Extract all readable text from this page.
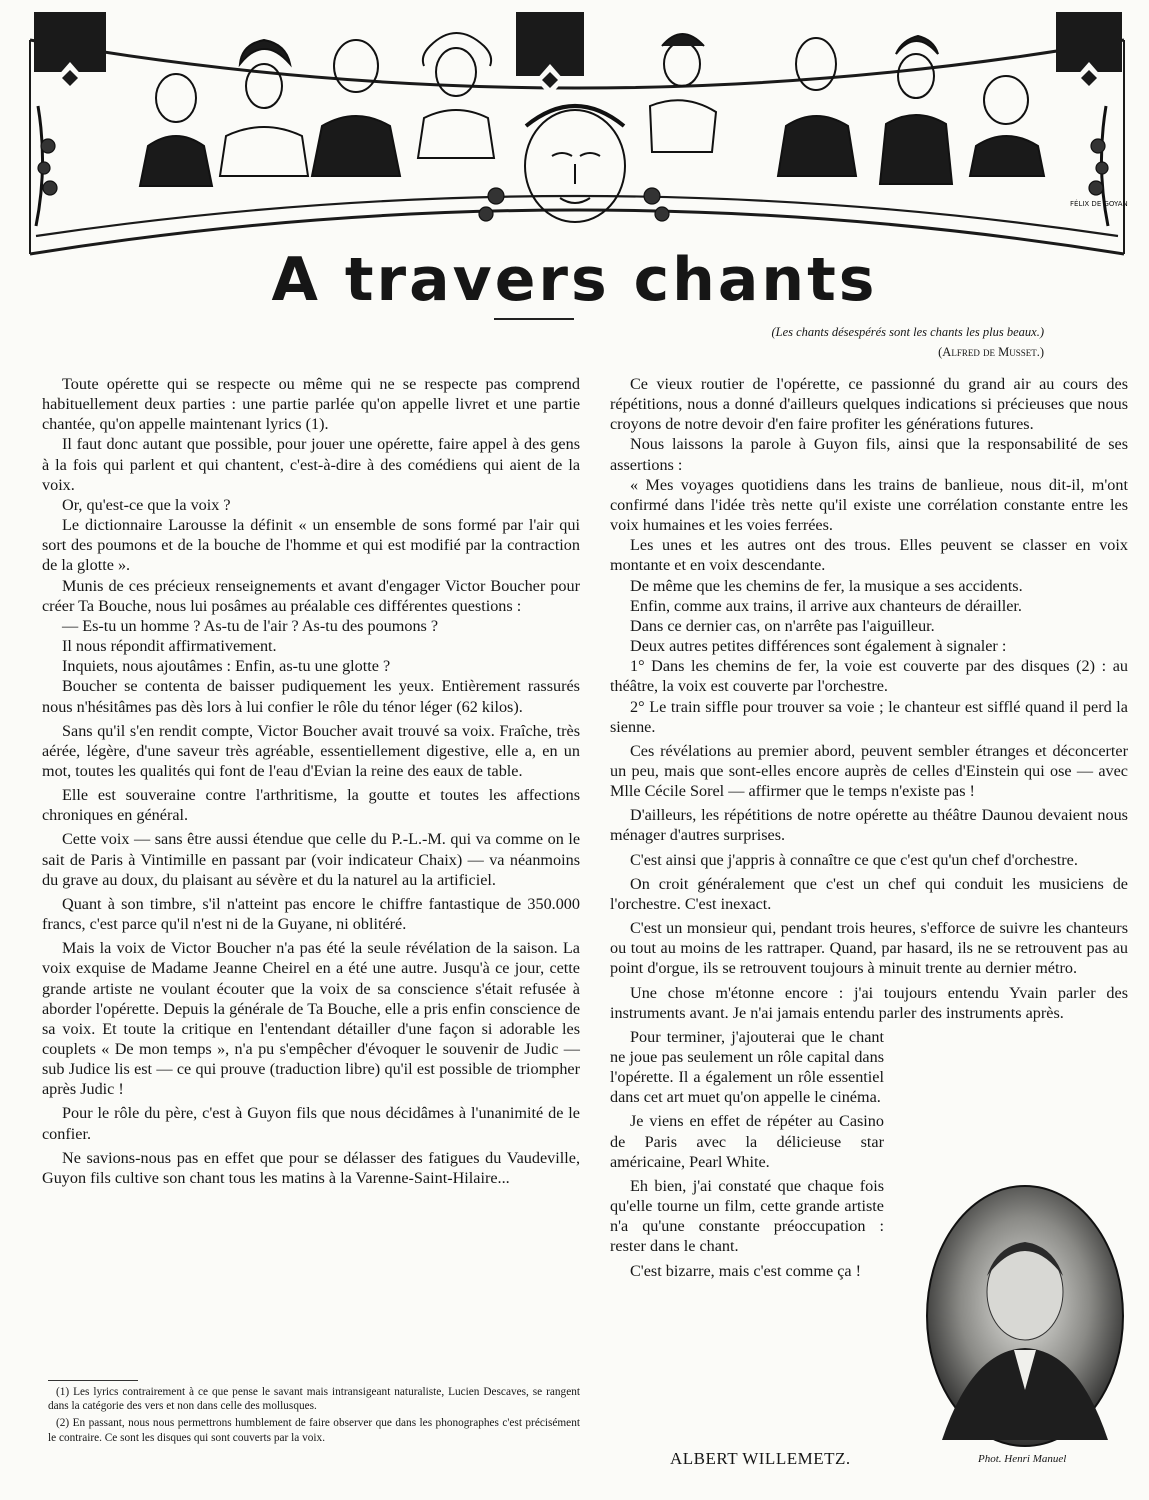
FÉLIX DE GOYAN
A travers chants
(Les chants désespérés sont les chants les plus beaux.)
(Alfred de Musset.)

Toute opérette qui se respecte ou même qui ne se respecte pas comprend habituellement deux parties : une partie parlée qu'on appelle livret et une partie chantée, qu'on appelle maintenant lyrics (1).

Il faut donc autant que possible, pour jouer une opérette, faire appel à des gens à la fois qui parlent et qui chantent, c'est-à-dire à des comédiens qui aient de la voix.

Or, qu'est-ce que la voix ?

Le dictionnaire Larousse la définit « un ensemble de sons formé par l'air qui sort des poumons et de la bouche de l'homme et qui est modifié par la contraction de la glotte ».

Munis de ces précieux renseignements et avant d'engager Victor Boucher pour créer Ta Bouche, nous lui posâmes au préalable ces différentes questions :

— Es-tu un homme ? As-tu de l'air ? As-tu des poumons ?

Il nous répondit affirmativement.

Inquiets, nous ajoutâmes : Enfin, as-tu une glotte ?

Boucher se contenta de baisser pudiquement les yeux. Entièrement rassurés nous n'hésitâmes pas dès lors à lui confier le rôle du ténor léger (62 kilos).

Sans qu'il s'en rendit compte, Victor Boucher avait trouvé sa voix. Fraîche, très aérée, légère, d'une saveur très agréable, essentiellement digestive, elle a, en un mot, toutes les qualités qui font de l'eau d'Evian la reine des eaux de table.

Elle est souveraine contre l'arthritisme, la goutte et toutes les affections chroniques en général.

Cette voix — sans être aussi étendue que celle du P.-L.-M. qui va comme on le sait de Paris à Vintimille en passant par (voir indicateur Chaix) — va néanmoins du grave au doux, du plaisant au sévère et du la naturel au la artificiel.

Quant à son timbre, s'il n'atteint pas encore le chiffre fantastique de 350.000 francs, c'est parce qu'il n'est ni de la Guyane, ni oblitéré.

Mais la voix de Victor Boucher n'a pas été la seule révélation de la saison. La voix exquise de Madame Jeanne Cheirel en a été une autre. Jusqu'à ce jour, cette grande artiste ne voulant écouter que la voix de sa conscience s'était refusée à aborder l'opérette. Depuis la générale de Ta Bouche, elle a pris enfin conscience de sa voix. Et toute la critique en l'entendant détailler d'une façon si adorable les couplets « De mon temps », n'a pu s'empêcher d'évoquer le souvenir de Judic — sub Judice lis est — ce qui prouve (traduction libre) qu'il est possible de triompher après Judic !

Pour le rôle du père, c'est à Guyon fils que nous décidâmes à l'unanimité de le confier.

Ne savions-nous pas en effet que pour se délasser des fatigues du Vaudeville, Guyon fils cultive son chant tous les matins à la Varenne-Saint-Hilaire...

(1) Les lyrics contrairement à ce que pense le savant mais intransigeant naturaliste, Lucien Descaves, se rangent dans la catégorie des vers et non dans celle des mollusques.

(2) En passant, nous nous permettrons humblement de faire observer que dans les phonographes c'est précisément le contraire. Ce sont les disques qui sont couverts par la voix.

Ce vieux routier de l'opérette, ce passionné du grand air au cours des répétitions, nous a donné d'ailleurs quelques indications si précieuses que nous croyons de notre devoir d'en faire profiter les générations futures.

Nous laissons la parole à Guyon fils, ainsi que la responsabilité de ses assertions :

« Mes voyages quotidiens dans les trains de banlieue, nous dit-il, m'ont confirmé dans l'idée très nette qu'il existe une corrélation constante entre les voix humaines et les voies ferrées.

Les unes et les autres ont des trous. Elles peuvent se classer en voix montante et en voix descendante.

De même que les chemins de fer, la musique a ses accidents.

Enfin, comme aux trains, il arrive aux chanteurs de dérailler.

Dans ce dernier cas, on n'arrête pas l'aiguilleur.

Deux autres petites différences sont également à signaler :

1° Dans les chemins de fer, la voie est couverte par des disques (2) : au théâtre, la voix est couverte par l'orchestre.

2° Le train siffle pour trouver sa voie ; le chanteur est sifflé quand il perd la sienne.

Ces révélations au premier abord, peuvent sembler étranges et déconcerter un peu, mais que sont-elles encore auprès de celles d'Einstein qui ose — avec Mlle Cécile Sorel — affirmer que le temps n'existe pas !

D'ailleurs, les répétitions de notre opérette au théâtre Daunou devaient nous ménager d'autres surprises.

C'est ainsi que j'appris à connaître ce que c'est qu'un chef d'orchestre.

On croit généralement que c'est un chef qui conduit les musiciens de l'orchestre. C'est inexact.

C'est un monsieur qui, pendant trois heures, s'efforce de suivre les chanteurs ou tout au moins de les rattraper. Quand, par hasard, ils ne se retrouvent pas au point d'orgue, ils se retrouvent toujours à minuit trente au dernier métro.

Une chose m'étonne encore : j'ai toujours entendu Yvain parler des instruments avant. Je n'ai jamais entendu parler des instruments après.

Pour terminer, j'ajouterai que le chant ne joue pas seulement un rôle capital dans l'opérette. Il a également un rôle essentiel dans cet art muet qu'on appelle le cinéma.

Je viens en effet de répéter au Casino de Paris avec la délicieuse star américaine, Pearl White.

Eh bien, j'ai constaté que chaque fois qu'elle tourne un film, cette grande artiste n'a qu'une constante préoccupation : rester dans le chant.

C'est bizarre, mais c'est comme ça !

ALBERT WILLEMETZ.	Phot. Henri Manuel
